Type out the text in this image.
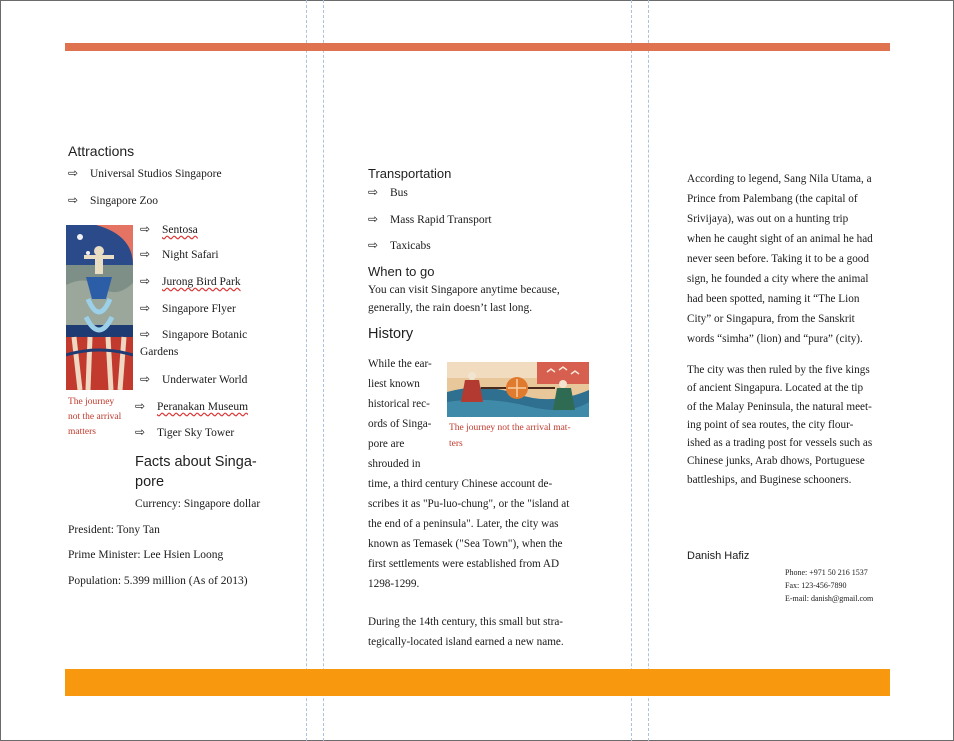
Attractions
⇨ Universal Studios Singapore
⇨ Singapore Zoo
⇨ Sentosa
⇨ Night Safari
⇨ Jurong Bird Park
⇨ Singapore Flyer
⇨ Singapore Botanic
Gardens
⇨ Underwater World
⇨ Peranakan Museum
⇨ Tiger Sky Tower
The journey
not the arrival
matters
Facts about Singa-
pore
Currency: Singapore dollar
President: Tony Tan
Prime Minister: Lee Hsien Loong
Population: 5.399 million (As of 2013)
Transportation
⇨ Bus
⇨ Mass Rapid Transport
⇨ Taxicabs
When to go
You can visit Singapore anytime because,
generally, the rain doesn’t last long.
History
While the ear-
liest known
historical rec-
ords of Singa-
pore are
shrouded in
The journey not the arrival mat-
ters
time, a third century Chinese account de-
scribes it as "Pu-luo-chung", or the "island at
the end of a peninsula". Later, the city was
known as Temasek ("Sea Town"), when the
first settlements were established from AD
1298-1299.
During the 14th century, this small but stra-
tegically-located island earned a new name.
According to legend, Sang Nila Utama, a
Prince from Palembang (the capital of
Srivijaya), was out on a hunting trip
when he caught sight of an animal he had
never seen before. Taking it to be a good
sign, he founded a city where the animal
had been spotted, naming it “The Lion
City” or Singapura, from the Sanskrit
words “simha” (lion) and “pura” (city).
The city was then ruled by the five kings
of ancient Singapura. Located at the tip
of the Malay Peninsula, the natural meet-
ing point of sea routes, the city flour-
ished as a trading post for vessels such as
Chinese junks, Arab dhows, Portuguese
battleships, and Buginese schooners.
Danish Hafiz
Phone: +971 50 216 1537
Fax: 123-456-7890
E-mail: danish@gmail.com
